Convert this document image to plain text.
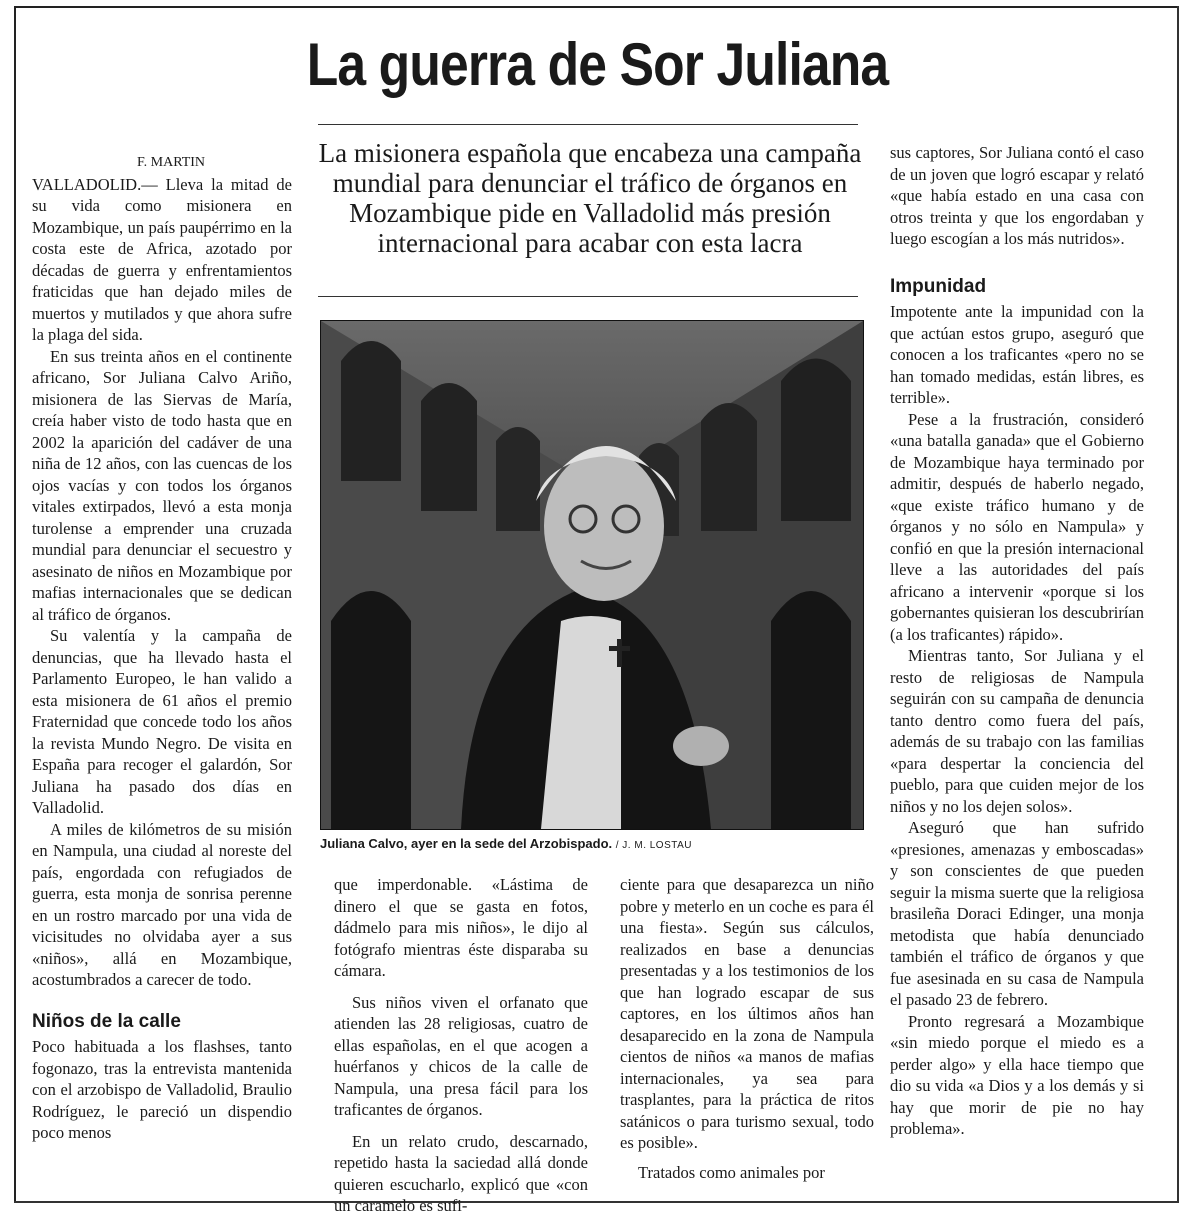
La guerra de Sor Juliana
La misionera española que encabeza una campaña mundial para denunciar el tráfico de órganos en Mozambique pide en Valladolid más presión internacional para acabar con esta lacra

F. MARTIN

VALLADOLID.— Lleva la mitad de su vida como misionera en Mozambique, un país paupérrimo en la costa este de Africa, azotado por décadas de guerra y enfrentamientos fraticidas que han dejado miles de muertos y mutilados y que ahora sufre la plaga del sida.

En sus treinta años en el continente africano, Sor Juliana Calvo Ariño, misionera de las Siervas de María, creía haber visto de todo hasta que en 2002 la aparición del cadáver de una niña de 12 años, con las cuencas de los ojos vacías y con todos los órganos vitales extirpados, llevó a esta monja turolense a emprender una cruzada mundial para denunciar el secuestro y asesinato de niños en Mozambique por mafias internacionales que se dedican al tráfico de órganos.

Su valentía y la campaña de denuncias, que ha llevado hasta el Parlamento Europeo, le han valido a esta misionera de 61 años el premio Fraternidad que concede todo los años la revista Mundo Negro. De visita en España para recoger el galardón, Sor Juliana ha pasado dos días en Valladolid.

A miles de kilómetros de su misión en Nampula, una ciudad al noreste del país, engordada con refugiados de guerra, esta monja de sonrisa perenne en un rostro marcado por una vida de vicisitudes no olvidaba ayer a sus «niños», allá en Mozambique, acostumbrados a carecer de todo.

Niños de la calle

Poco habituada a los flashses, tanto fogonazo, tras la entrevista mantenida con el arzobispo de Valladolid, Braulio Rodríguez, le pareció un dispendio poco menos

Juliana Calvo, ayer en la sede del Arzobispado. / J. M. LOSTAU

que imperdonable. «Lástima de dinero el que se gasta en fotos, dádmelo para mis niños», le dijo al fotógrafo mientras éste disparaba su cámara.

Sus niños viven el orfanato que atienden las 28 religiosas, cuatro de ellas españolas, en el que acogen a huérfanos y chicos de la calle de Nampula, una presa fácil para los traficantes de órganos.

En un relato crudo, descarnado, repetido hasta la saciedad allá donde quieren escucharlo, explicó que «con un caramelo es sufi-

ciente para que desaparezca un niño pobre y meterlo en un coche es para él una fiesta». Según sus cálculos, realizados en base a denuncias presentadas y a los testimonios de los que han logrado escapar de sus captores, en los últimos años han desaparecido en la zona de Nampula cientos de niños «a manos de mafias internacionales, ya sea para trasplantes, para la práctica de ritos satánicos o para turismo sexual, todo es posible».

Tratados como animales por

sus captores, Sor Juliana contó el caso de un joven que logró escapar y relató «que había estado en una casa con otros treinta y que los engordaban y luego escogían a los más nutridos».

Impunidad

Impotente ante la impunidad con la que actúan estos grupo, aseguró que conocen a los traficantes «pero no se han tomado medidas, están libres, es terrible».

Pese a la frustración, consideró «una batalla ganada» que el Gobierno de Mozambique haya terminado por admitir, después de haberlo negado, «que existe tráfico humano y de órganos y no sólo en Nampula» y confió en que la presión internacional lleve a las autoridades del país africano a intervenir «porque si los gobernantes quisieran los descubrirían (a los traficantes) rápido».

Mientras tanto, Sor Juliana y el resto de religiosas de Nampula seguirán con su campaña de denuncia tanto dentro como fuera del país, además de su trabajo con las familias «para despertar la conciencia del pueblo, para que cuiden mejor de los niños y no los dejen solos».

Aseguró que han sufrido «presiones, amenazas y emboscadas» y son conscientes de que pueden seguir la misma suerte que la religiosa brasileña Doraci Edinger, una monja metodista que había denunciado también el tráfico de órganos y que fue asesinada en su casa de Nampula el pasado 23 de febrero.

Pronto regresará a Mozambique «sin miedo porque el miedo es a perder algo» y ella hace tiempo que dio su vida «a Dios y a los demás y si hay que morir de pie no hay problema».
